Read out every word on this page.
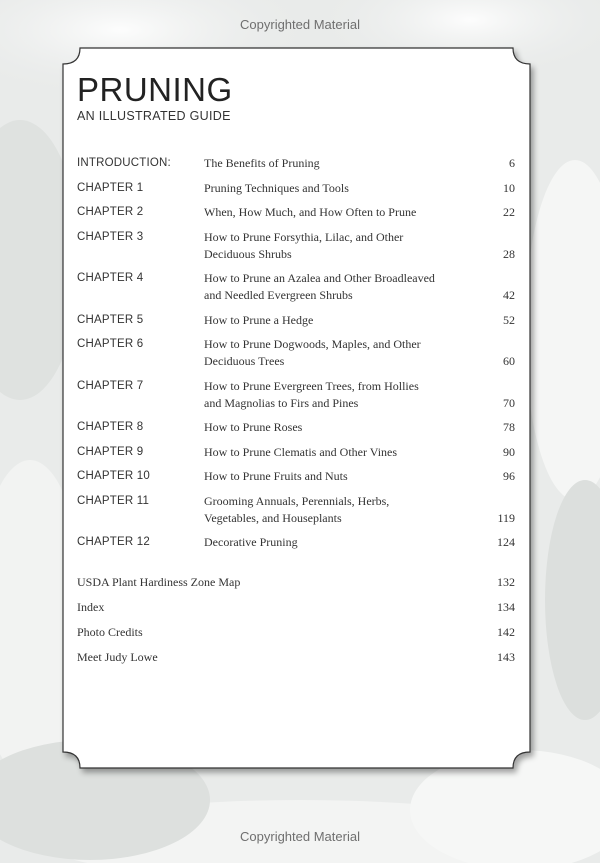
Copyrighted Material
PRUNING
AN ILLUSTRATED GUIDE
INTRODUCTION:	The Benefits of Pruning	6
CHAPTER 1	Pruning Techniques and Tools	10
CHAPTER 2	When, How Much, and How Often to Prune	22
CHAPTER 3	How to Prune Forsythia, Lilac, and Other Deciduous Shrubs	28
CHAPTER 4	How to Prune an Azalea and Other Broadleaved and Needled Evergreen Shrubs	42
CHAPTER 5	How to Prune a Hedge	52
CHAPTER 6	How to Prune Dogwoods, Maples, and Other Deciduous Trees	60
CHAPTER 7	How to Prune Evergreen Trees, from Hollies and Magnolias to Firs and Pines	70
CHAPTER 8	How to Prune Roses	78
CHAPTER 9	How to Prune Clematis and Other Vines	90
CHAPTER 10	How to Prune Fruits and Nuts	96
CHAPTER 11	Grooming Annuals, Perennials, Herbs, Vegetables, and Houseplants	119
CHAPTER 12	Decorative Pruning	124
USDA Plant Hardiness Zone Map	132
Index	134
Photo Credits	142
Meet Judy Lowe	143
Copyrighted Material
